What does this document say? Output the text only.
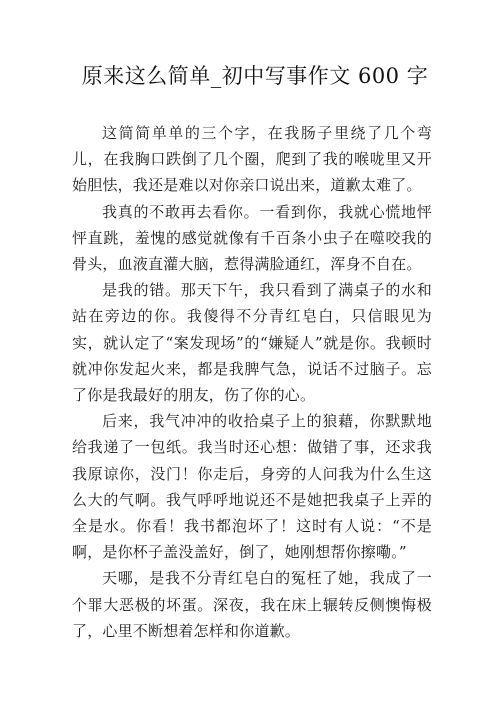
原来这么简单_初中写事作文 600 字

这简简单单的三个字，在我肠子里绕了几个弯儿，在我胸口跌倒了几个圈，爬到了我的喉咙里又开始胆怯，我还是难以对你亲口说出来，道歉太难了。

我真的不敢再去看你。一看到你，我就心慌地怦怦直跳，羞愧的感觉就像有千百条小虫子在噬咬我的骨头，血液直灌大脑，惹得满脸通红，浑身不自在。

是我的错。那天下午，我只看到了满桌子的水和站在旁边的你。我傻得不分青红皂白，只信眼见为实，就认定了“案发现场”的“嫌疑人”就是你。我顿时就冲你发起火来，都是我脾气急，说话不过脑子。忘了你是我最好的朋友，伤了你的心。

后来，我气冲冲的收拾桌子上的狼藉，你默默地给我递了一包纸。我当时还心想：做错了事，还求我我原谅你，没门！你走后，身旁的人问我为什么生这么大的气啊。我气呼呼地说还不是她把我桌子上弄的全是水。你看！我书都泡坏了！这时有人说：“不是啊，是你杯子盖没盖好，倒了，她刚想帮你擦嘞。”

天哪，是我不分青红皂白的冤枉了她，我成了一个罪大恶极的坏蛋。深夜，我在床上辗转反侧懊悔极了，心里不断想着怎样和你道歉。
